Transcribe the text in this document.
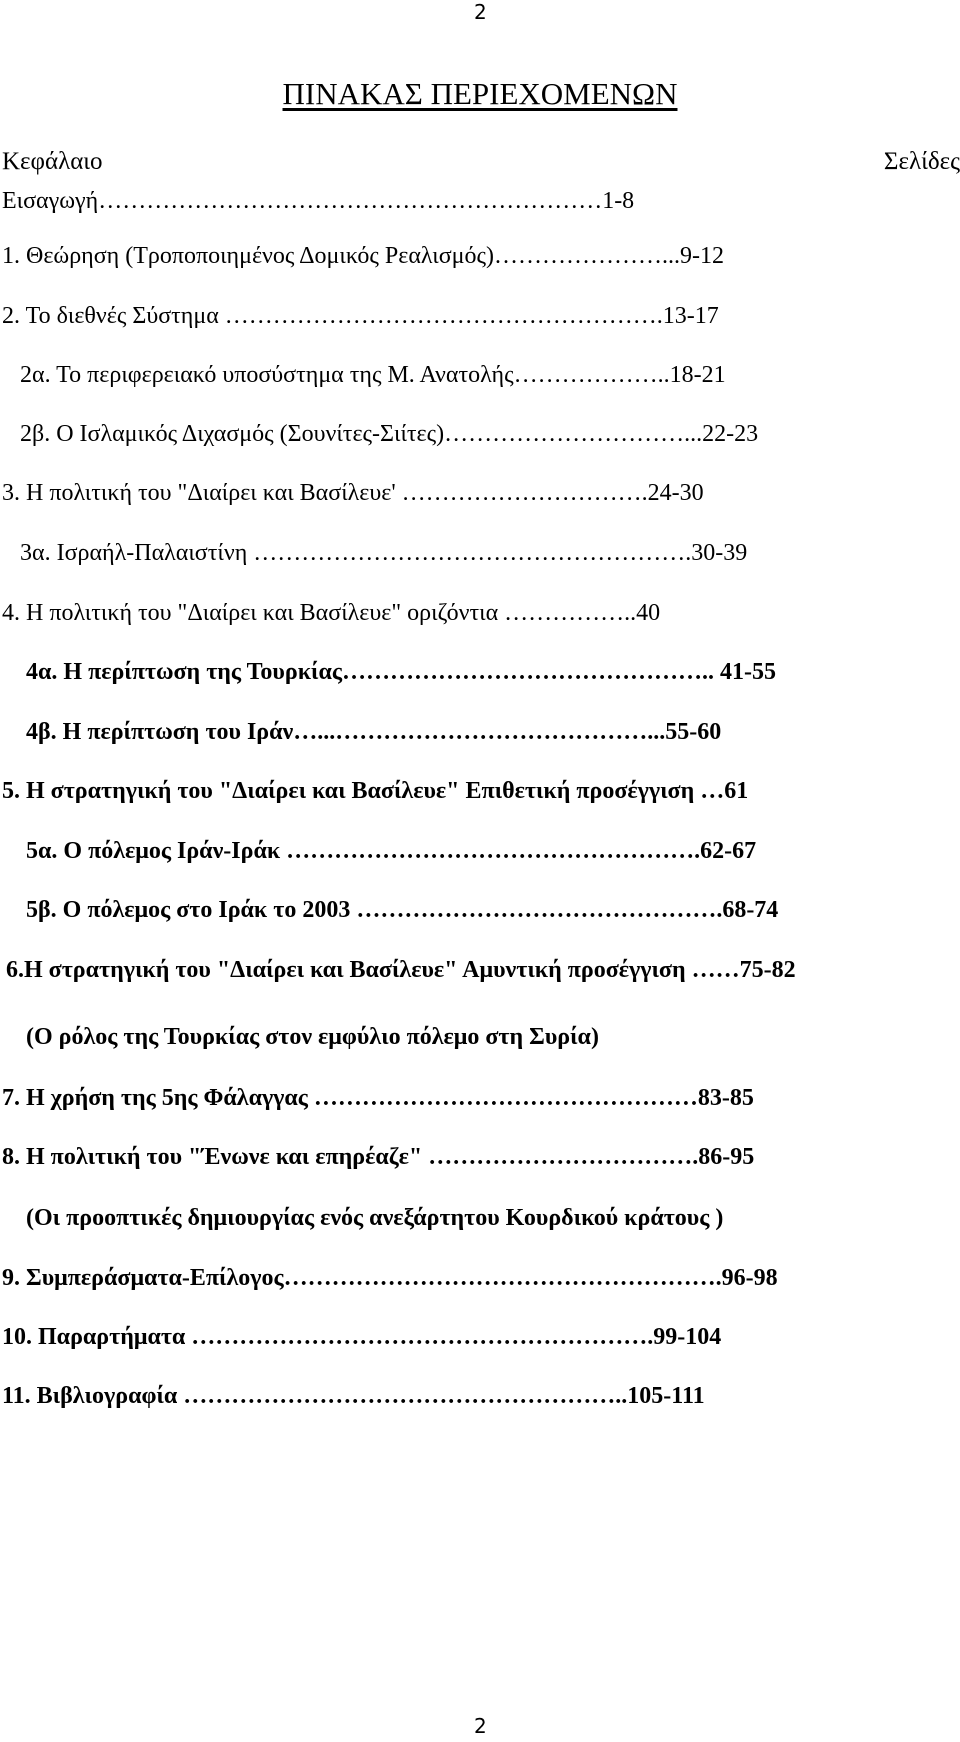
2
ΠΙΝΑΚΑΣ ΠΕΡΙΕΧΟΜΕΝΩΝ
Κεφάλαιο	Σελίδες
Εισαγωγή………………………………………………………1-8
1. Θεώρηση (Τροποποιημένος Δομικός Ρεαλισμός)…………………...9-12
2. Το διεθνές Σύστημα ……………………………………………….13-17
2α. Το περιφερειακό υποσύστημα της Μ. Ανατολής………………..18-21
2β. Ο Ισλαμικός Διχασμός (Σουνίτες-Σιίτες)…………………………...22-23
3. Η πολιτική του "Διαίρει και Βασίλευε' ………………………….24-30
3α. Ισραήλ-Παλαιστίνη ……………………………………………….30-39
4. Η πολιτική του "Διαίρει και Βασίλευε" οριζόντια ……………..40
4α. Η περίπτωση της Τουρκίας……………………………………….. 41-55
4β. Η περίπτωση του Ιράν…...…………………………………...55-60
5. Η στρατηγική του "Διαίρει και Βασίλευε" Επιθετική προσέγγιση …61
5α. Ο πόλεμος Ιράν-Ιράκ …………………………………………….62-67
5β. Ο πόλεμος στο Ιράκ το 2003 ……………………………………….68-74
6.Η στρατηγική του "Διαίρει και Βασίλευε" Αμυντική προσέγγιση ……75-82
(Ο ρόλος της Τουρκίας στον εμφύλιο πόλεμο στη Συρία)
7. Η χρήση της 5ης Φάλαγγας …………………………………………83-85
8. Η πολιτική του "Ένωνε και επηρέαζε" …………………………….86-95
(Οι προοπτικές δημιουργίας ενός ανεξάρτητου Κουρδικού κράτους )
9. Συμπεράσματα-Επίλογος……………………………………………….96-98
10. Παραρτήματα ………………………………………………….99-104
11. Βιβλιογραφία ………………………………………………..105-111
2
